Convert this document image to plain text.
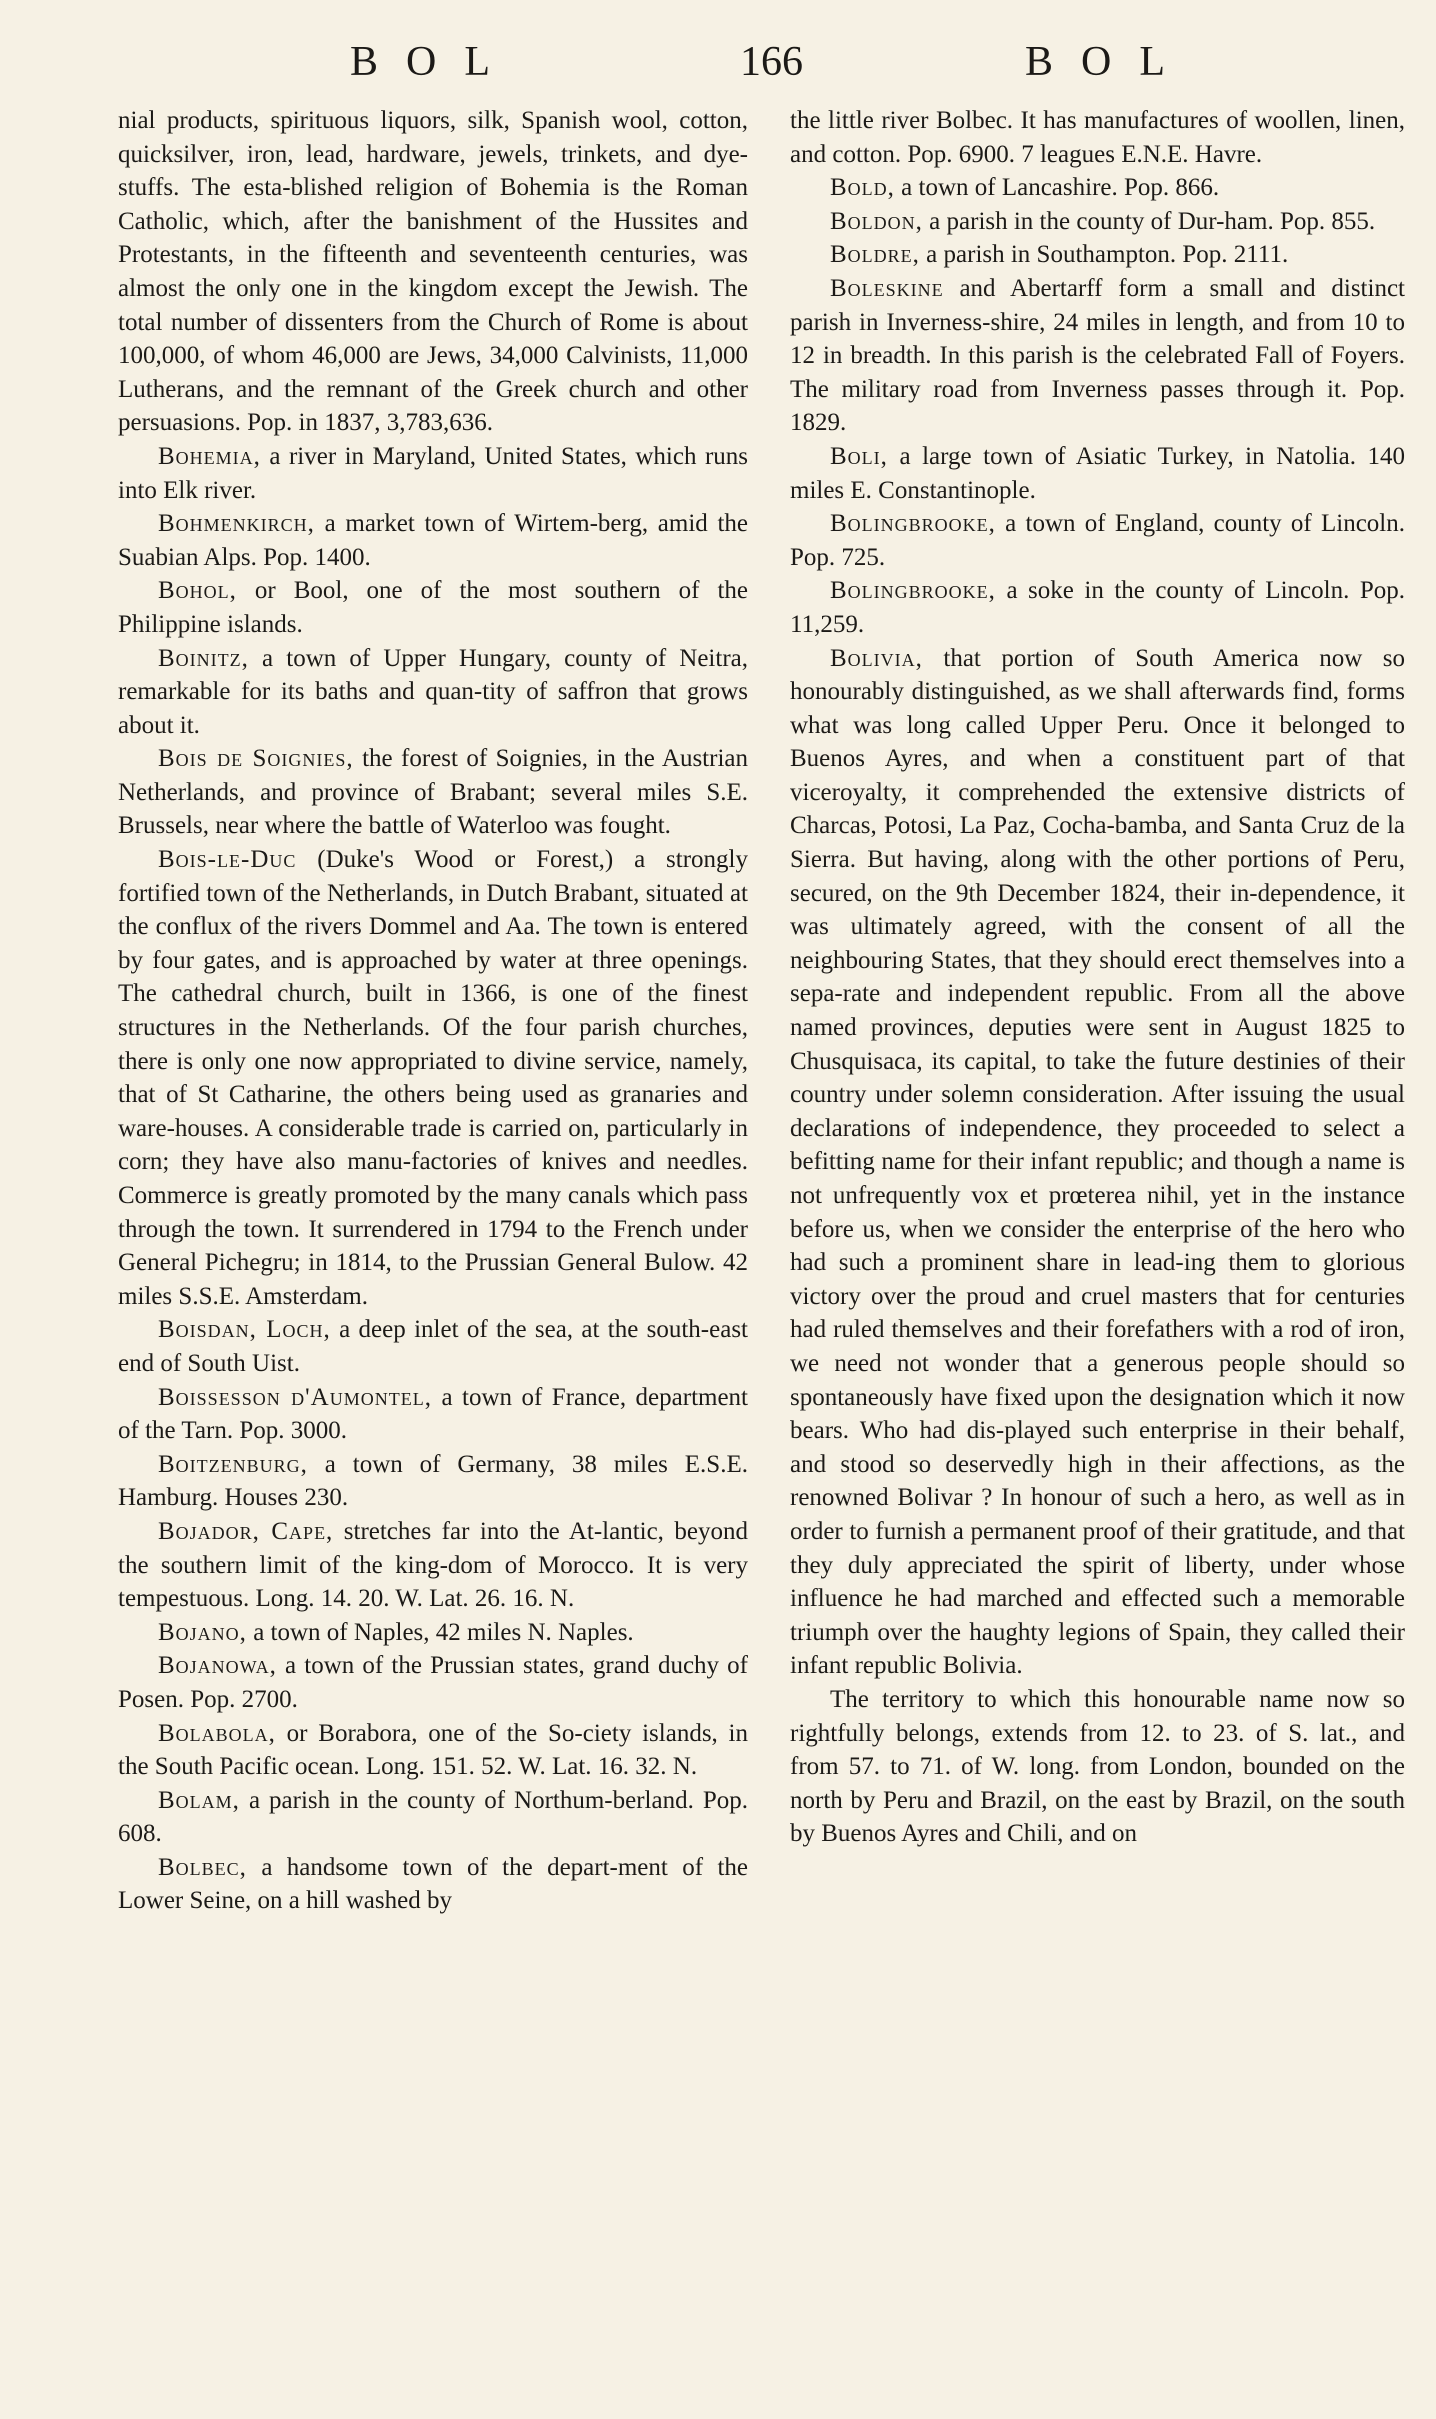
BOL	166	BOL

nial products, spirituous liquors, silk, Spanish wool, cotton, quicksilver, iron, lead, hardware, jewels, trinkets, and dye-stuffs. The esta-blished religion of Bohemia is the Roman Catholic, which, after the banishment of the Hussites and Protestants, in the fifteenth and seventeenth centuries, was almost the only one in the kingdom except the Jewish. The total number of dissenters from the Church of Rome is about 100,000, of whom 46,000 are Jews, 34,000 Calvinists, 11,000 Lutherans, and the remnant of the Greek church and other persuasions. Pop. in 1837, 3,783,636.

Bohemia, a river in Maryland, United States, which runs into Elk river.

Bohmenkirch, a market town of Wirtem-berg, amid the Suabian Alps. Pop. 1400.

Bohol, or Bool, one of the most southern of the Philippine islands.

Boinitz, a town of Upper Hungary, county of Neitra, remarkable for its baths and quan-tity of saffron that grows about it.

Bois de Soignies, the forest of Soignies, in the Austrian Netherlands, and province of Brabant; several miles S.E. Brussels, near where the battle of Waterloo was fought.

Bois-le-Duc (Duke's Wood or Forest,) a strongly fortified town of the Netherlands, in Dutch Brabant, situated at the conflux of the rivers Dommel and Aa. The town is entered by four gates, and is approached by water at three openings. The cathedral church, built in 1366, is one of the finest structures in the Netherlands. Of the four parish churches, there is only one now appropriated to divine service, namely, that of St Catharine, the others being used as granaries and ware-houses. A considerable trade is carried on, particularly in corn; they have also manu-factories of knives and needles. Commerce is greatly promoted by the many canals which pass through the town. It surrendered in 1794 to the French under General Pichegru; in 1814, to the Prussian General Bulow. 42 miles S.S.E. Amsterdam.

Boisdan, Loch, a deep inlet of the sea, at the south-east end of South Uist.

Boissesson d'Aumontel, a town of France, department of the Tarn. Pop. 3000.

Boitzenburg, a town of Germany, 38 miles E.S.E. Hamburg. Houses 230.

Bojador, Cape, stretches far into the At-lantic, beyond the southern limit of the king-dom of Morocco. It is very tempestuous. Long. 14. 20. W. Lat. 26. 16. N.

Bojano, a town of Naples, 42 miles N. Naples.

Bojanowa, a town of the Prussian states, grand duchy of Posen. Pop. 2700.

Bolabola, or Borabora, one of the So-ciety islands, in the South Pacific ocean. Long. 151. 52. W. Lat. 16. 32. N.

Bolam, a parish in the county of Northum-berland. Pop. 608.

Bolbec, a handsome town of the depart-ment of the Lower Seine, on a hill washed by

the little river Bolbec. It has manufactures of woollen, linen, and cotton. Pop. 6900. 7 leagues E.N.E. Havre.

Bold, a town of Lancashire. Pop. 866.

Boldon, a parish in the county of Dur-ham. Pop. 855.

Boldre, a parish in Southampton. Pop. 2111.

Boleskine and Abertarff form a small and distinct parish in Inverness-shire, 24 miles in length, and from 10 to 12 in breadth. In this parish is the celebrated Fall of Foyers. The military road from Inverness passes through it. Pop. 1829.

Boli, a large town of Asiatic Turkey, in Natolia. 140 miles E. Constantinople.

Bolingbrooke, a town of England, county of Lincoln. Pop. 725.

Bolingbrooke, a soke in the county of Lincoln. Pop. 11,259.

Bolivia, that portion of South America now so honourably distinguished, as we shall afterwards find, forms what was long called Upper Peru. Once it belonged to Buenos Ayres, and when a constituent part of that viceroyalty, it comprehended the extensive districts of Charcas, Potosi, La Paz, Cocha-bamba, and Santa Cruz de la Sierra. But having, along with the other portions of Peru, secured, on the 9th December 1824, their in-dependence, it was ultimately agreed, with the consent of all the neighbouring States, that they should erect themselves into a sepa-rate and independent republic. From all the above named provinces, deputies were sent in August 1825 to Chusquisaca, its capital, to take the future destinies of their country under solemn consideration. After issuing the usual declarations of independence, they proceeded to select a befitting name for their infant republic; and though a name is not unfrequently vox et prœterea nihil, yet in the instance before us, when we consider the enterprise of the hero who had such a prominent share in lead-ing them to glorious victory over the proud and cruel masters that for centuries had ruled themselves and their forefathers with a rod of iron, we need not wonder that a generous people should so spontaneously have fixed upon the designation which it now bears. Who had dis-played such enterprise in their behalf, and stood so deservedly high in their affections, as the renowned Bolivar ? In honour of such a hero, as well as in order to furnish a permanent proof of their gratitude, and that they duly appreciated the spirit of liberty, under whose influence he had marched and effected such a memorable triumph over the haughty legions of Spain, they called their infant republic Bolivia.

The territory to which this honourable name now so rightfully belongs, extends from 12. to 23. of S. lat., and from 57. to 71. of W. long. from London, bounded on the north by Peru and Brazil, on the east by Brazil, on the south by Buenos Ayres and Chili, and on
